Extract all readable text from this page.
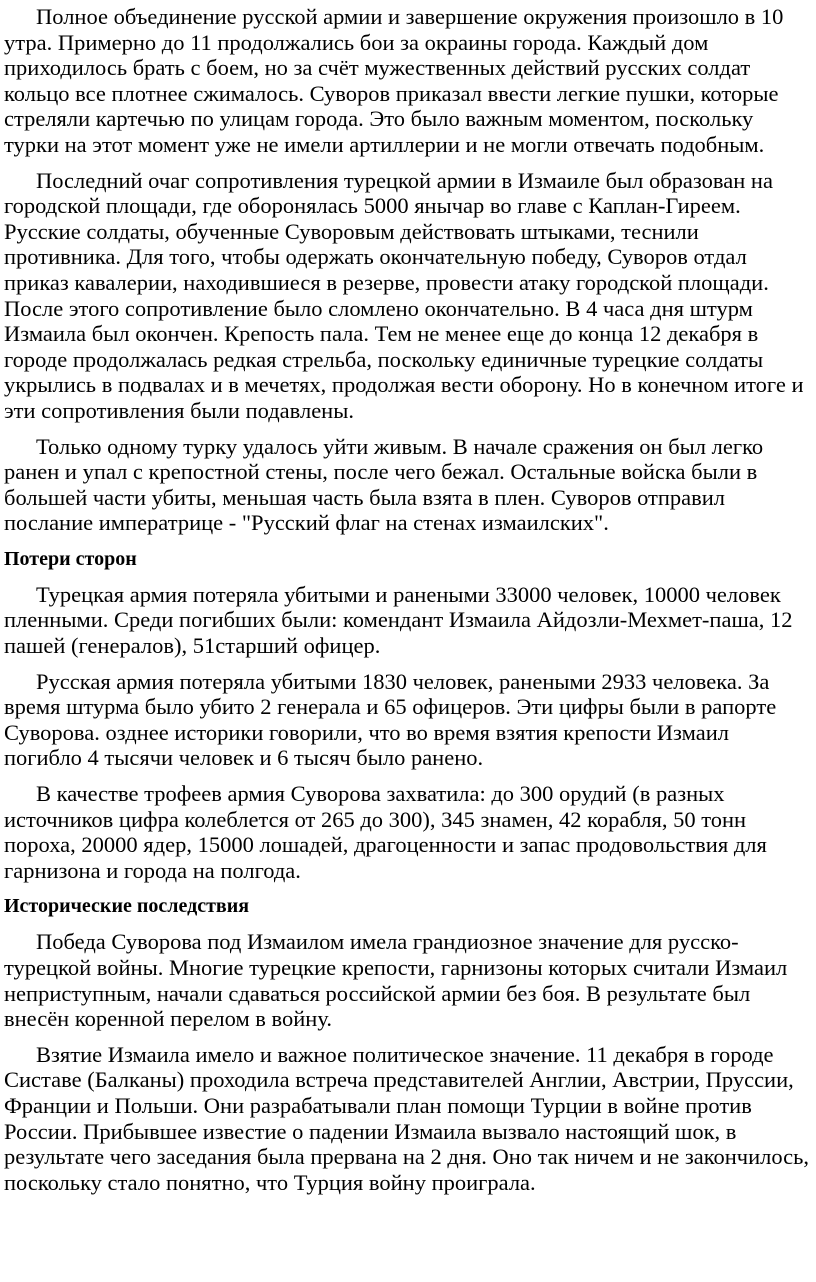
Полное объединение русской армии и завершение окружения произошло в 10 утра. Примерно до 11 продолжались бои за окраины города. Каждый дом приходилось брать с боем, но за счёт мужественных действий русских солдат кольцо все плотнее сжималось. Суворов приказал ввести легкие пушки, которые стреляли картечью по улицам города. Это было важным моментом, поскольку турки на этот момент уже не имели артиллерии и не могли отвечать подобным.

Последний очаг сопротивления турецкой армии в Измаиле был образован на городской площади, где оборонялась 5000 янычар во главе с Каплан-Гиреем. Русские солдаты, обученные Суворовым действовать штыками, теснили противника. Для того, чтобы одержать окончательную победу, Суворов отдал приказ кавалерии, находившиеся в резерве, провести атаку городской площади. После этого сопротивление было сломлено окончательно. В 4 часа дня штурм Измаила был окончен. Крепость пала. Тем не менее еще до конца 12 декабря в городе продолжалась редкая стрельба, поскольку единичные турецкие солдаты укрылись в подвалах и в мечетях, продолжая вести оборону. Но в конечном итоге и эти сопротивления были подавлены.

Только одному турку удалось уйти живым. В начале сражения он был легко ранен и упал с крепостной стены, после чего бежал. Остальные войска были в большей части убиты, меньшая часть была взята в плен. Суворов отправил послание императрице - "Русский флаг на стенах измаилских".

Потери сторон

Турецкая армия потеряла убитыми и ранеными 33000 человек, 10000 человек пленными. Среди погибших были: комендант Измаила Айдозли-Мехмет-паша, 12 пашей (генералов), 51старший офицер.

Русская армия потеряла убитыми 1830 человек, ранеными 2933 человека. За время штурма было убито 2 генерала и 65 офицеров. Эти цифры были в рапорте Суворова. озднее историки говорили, что во время взятия крепости Измаил погибло 4 тысячи человек и 6 тысяч было ранено.

В качестве трофеев армия Суворова захватила: до 300 орудий (в разных источников цифра колеблется от 265 до 300), 345 знамен, 42 корабля, 50 тонн пороха, 20000 ядер, 15000 лошадей, драгоценности и запас продовольствия для гарнизона и города на полгода.

Исторические последствия

Победа Суворова под Измаилом имела грандиозное значение для русско-турецкой войны. Многие турецкие крепости, гарнизоны которых считали Измаил неприступным, начали сдаваться российской армии без боя. В результате был внесён коренной перелом в войну.

Взятие Измаила имело и важное политическое значение. 11 декабря в городе Систаве (Балканы) проходила встреча представителей Англии, Австрии, Пруссии, Франции и Польши. Они разрабатывали план помощи Турции в войне против России. Прибывшее известие о падении Измаила вызвало настоящий шок, в результате чего заседания была прервана на 2 дня. Оно так ничем и не закончилось, поскольку стало понятно, что Турция войну проиграла.
